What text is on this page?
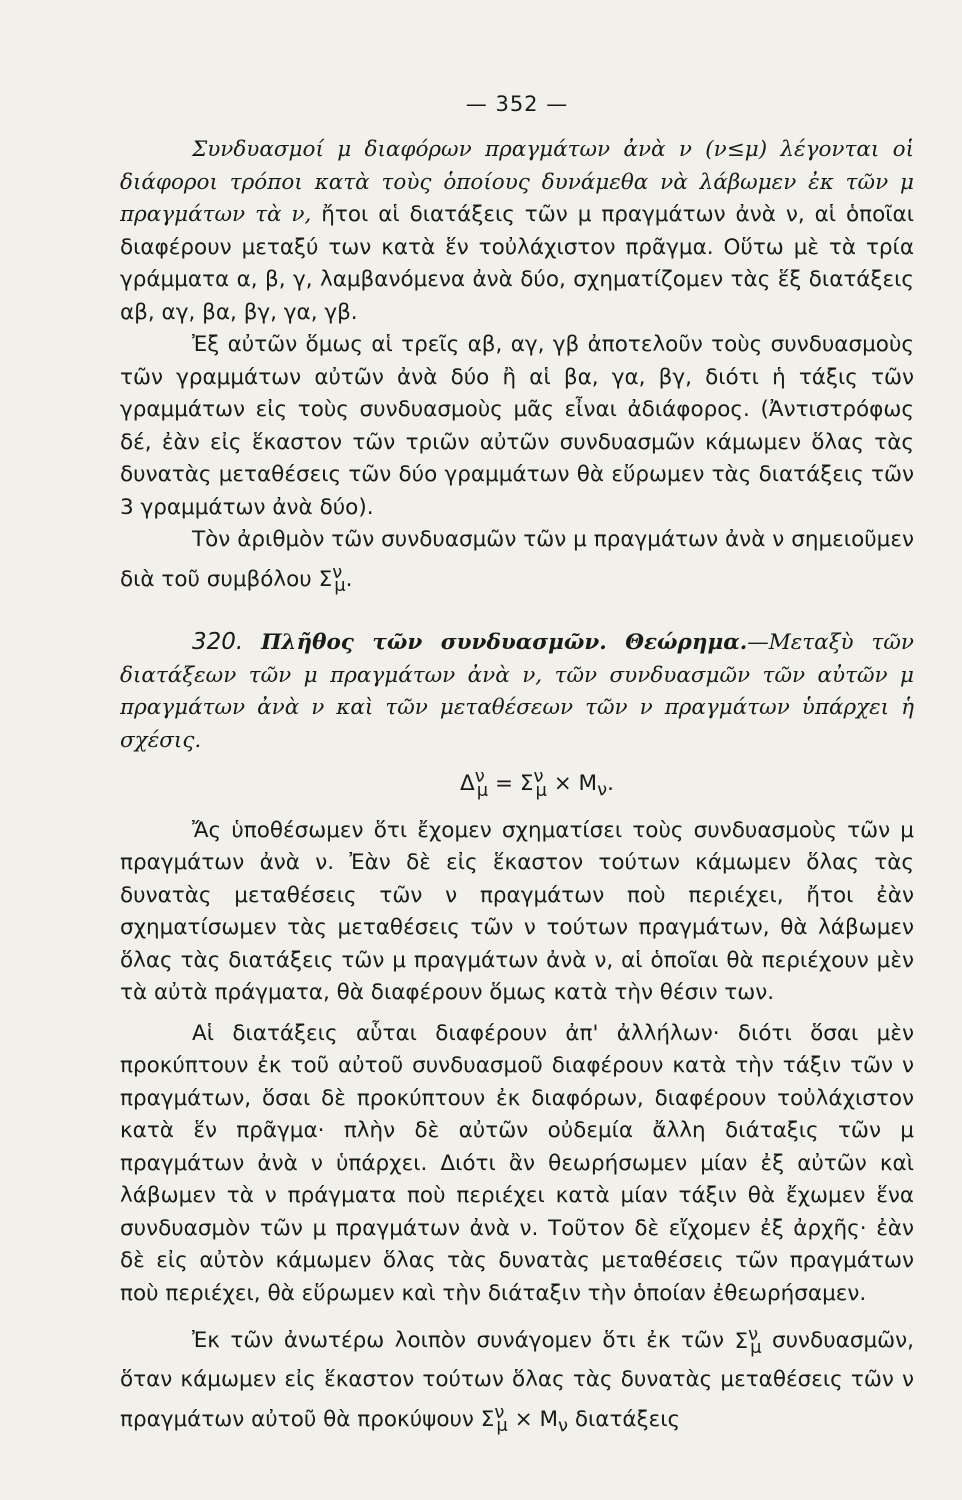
— 352 —

Συνδυασμοί μ διαφόρων πραγμάτων ἀνὰ ν (ν≤μ) λέγονται οἱ διάφοροι τρόποι κατὰ τοὺς ὁποίους δυνάμεθα νὰ λάβωμεν ἐκ τῶν μ πραγμάτων τὰ ν, ἤτοι αἱ διατάξεις τῶν μ πραγμάτων ἀνὰ ν, αἱ ὁποῖαι διαφέρουν μεταξύ των κατὰ ἕν τοὐλάχιστον πρᾶγμα. Οὕτω μὲ τὰ τρία γράμματα α, β, γ, λαμβανόμενα ἀνὰ δύο, σχηματίζομεν τὰς ἕξ διατάξεις αβ, αγ, βα, βγ, γα, γβ.

Ἐξ αὐτῶν ὅμως αἱ τρεῖς αβ, αγ, γβ ἀποτελοῦν τοὺς συνδυασμοὺς τῶν γραμμάτων αὐτῶν ἀνὰ δύο ἢ αἱ βα, γα, βγ, διότι ἡ τάξις τῶν γραμμάτων εἰς τοὺς συνδυασμοὺς μᾶς εἶναι ἀδιάφορος. (Ἀντιστρόφως δέ, ἐὰν εἰς ἕκαστον τῶν τριῶν αὐτῶν συνδυασμῶν κάμωμεν ὅλας τὰς δυνατὰς μεταθέσεις τῶν δύο γραμμάτων θὰ εὕρωμεν τὰς διατάξεις τῶν 3 γραμμάτων ἀνὰ δύο).

Τὸν ἀριθμὸν τῶν συνδυασμῶν τῶν μ πραγμάτων ἀνὰ ν σημειοῦμεν διὰ τοῦ συμβόλου $\Sigma^\nu_\mu$.

320. Πλῆθος τῶν συνδυασμῶν. Θεώρημα.—Μεταξὺ τῶν διατάξεων τῶν μ πραγμάτων ἀνὰ ν, τῶν συνδυασμῶν τῶν αὐτῶν μ πραγμάτων ἀνὰ ν καὶ τῶν μεταθέσεων τῶν ν πραγμάτων ὑπάρχει ἡ σχέσις.

$\Delta^\nu_\mu = \Sigma^\nu_\mu \times M_\nu$.

Ἄς ὑποθέσωμεν ὅτι ἔχομεν σχηματίσει τοὺς συνδυασμοὺς τῶν μ πραγμάτων ἀνὰ ν. Ἐὰν δὲ εἰς ἕκαστον τούτων κάμωμεν ὅλας τὰς δυνατὰς μεταθέσεις τῶν ν πραγμάτων ποὺ περιέχει, ἤτοι ἐὰν σχηματίσωμεν τὰς μεταθέσεις τῶν ν τούτων πραγμάτων, θὰ λάβωμεν ὅλας τὰς διατάξεις τῶν μ πραγμάτων ἀνὰ ν, αἱ ὁποῖαι θὰ περιέχουν μὲν τὰ αὐτὰ πράγματα, θὰ διαφέρουν ὅμως κατὰ τὴν θέσιν των.

Αἱ διατάξεις αὗται διαφέρουν ἀπ' ἀλλήλων· διότι ὅσαι μὲν προκύπτουν ἐκ τοῦ αὐτοῦ συνδυασμοῦ διαφέρουν κατὰ τὴν τάξιν τῶν ν πραγμάτων, ὅσαι δὲ προκύπτουν ἐκ διαφόρων, διαφέρουν τοὐλάχιστον κατὰ ἕν πρᾶγμα· πλὴν δὲ αὐτῶν οὐδεμία ἄλλη διάταξις τῶν μ πραγμάτων ἀνὰ ν ὑπάρχει. Διότι ἂν θεωρήσωμεν μίαν ἐξ αὐτῶν καὶ λάβωμεν τὰ ν πράγματα ποὺ περιέχει κατὰ μίαν τάξιν θὰ ἔχωμεν ἕνα συνδυασμὸν τῶν μ πραγμάτων ἀνὰ ν. Τοῦτον δὲ εἴχομεν ἐξ ἀρχῆς· ἐὰν δὲ εἰς αὐτὸν κάμωμεν ὅλας τὰς δυνατὰς μεταθέσεις τῶν πραγμάτων ποὺ περιέχει, θὰ εὕρωμεν καὶ τὴν διάταξιν τὴν ὁποίαν ἐθεωρήσαμεν.

Ἐκ τῶν ἀνωτέρω λοιπὸν συνάγομεν ὅτι ἐκ τῶν $\Sigma^\nu_\mu$ συνδυασμῶν, ὅταν κάμωμεν εἰς ἕκαστον τούτων ὅλας τὰς δυνατὰς μεταθέσεις τῶν ν πραγμάτων αὐτοῦ θὰ προκύψουν $\Sigma^\nu_\mu \times M_\nu$ διατάξεις
